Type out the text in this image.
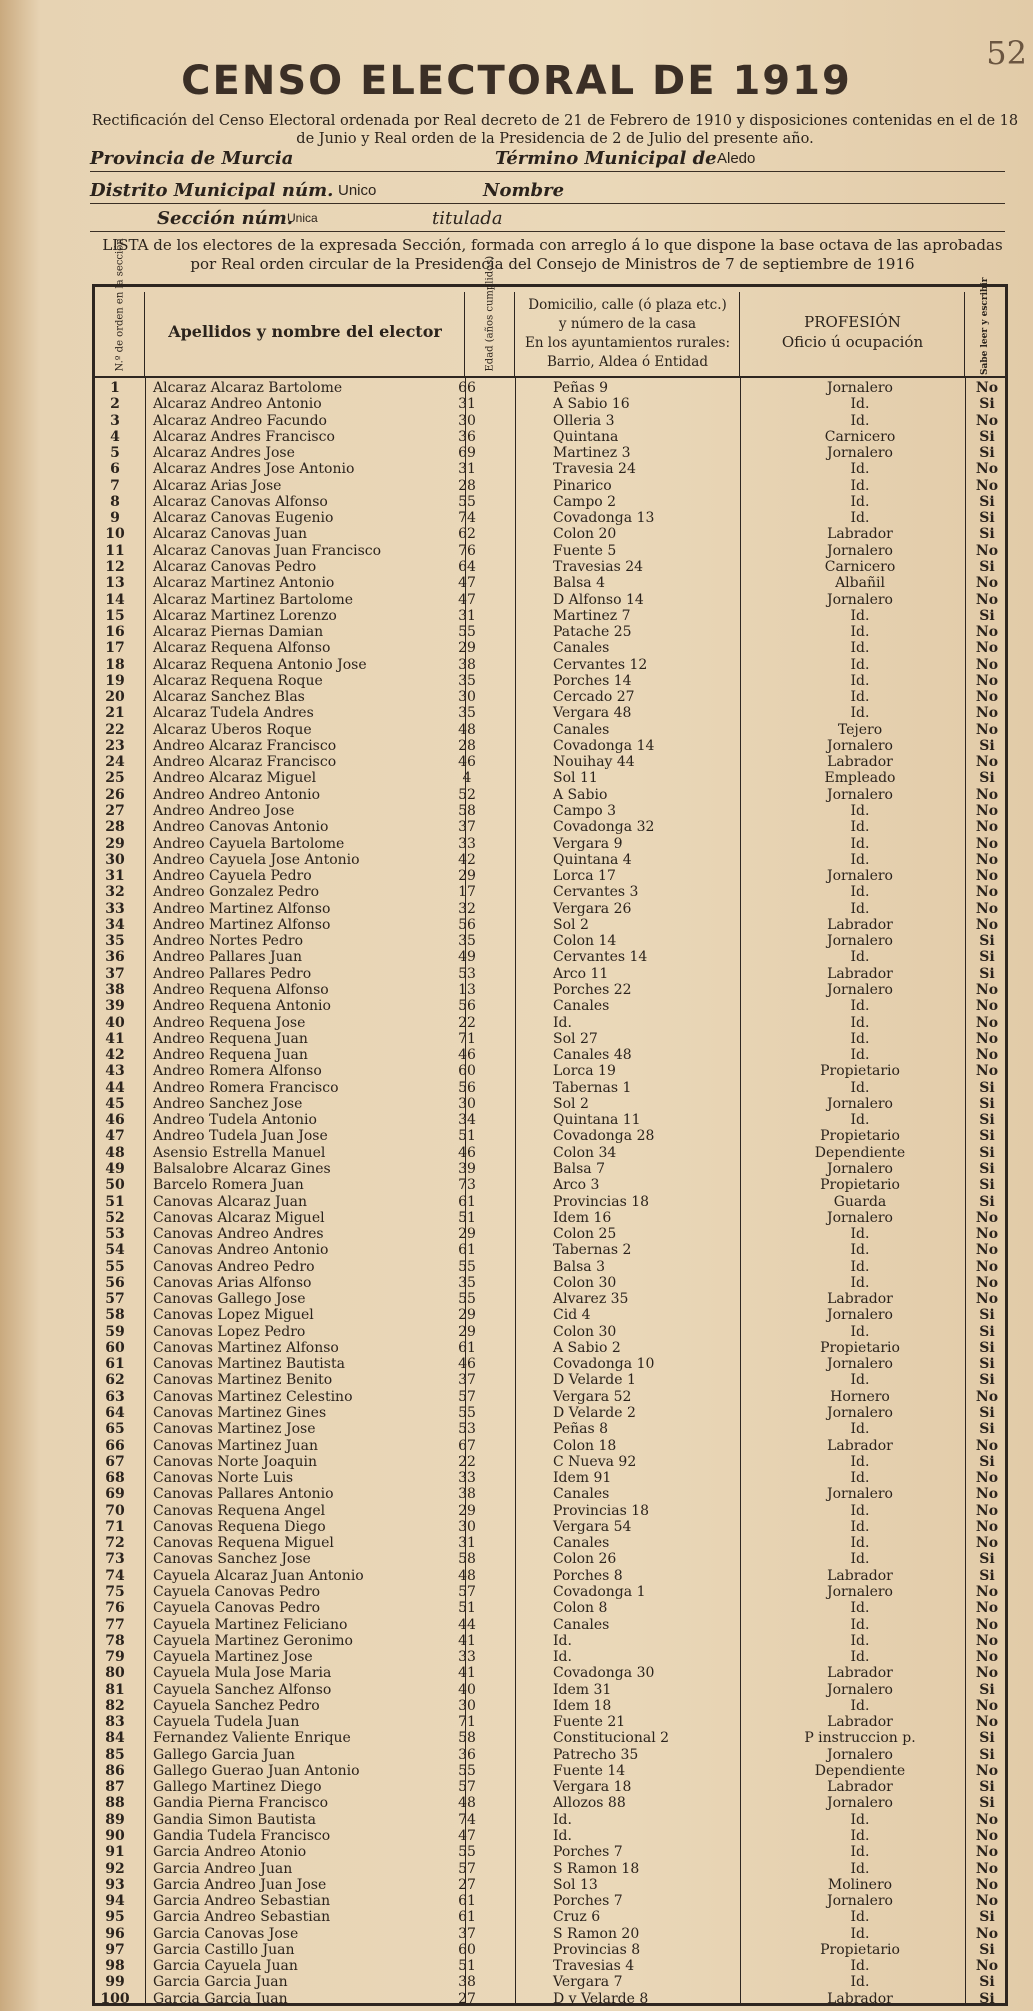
52
CENSO ELECTORAL DE 1919
Rectificación del Censo Electoral ordenada por Real decreto de 21 de Febrero de 1910 y disposiciones contenidas en el de 18 de Junio y Real orden de la Presidencia de 2 de Julio del presente año.
Provincia de Murcia	Término Municipal de Aledo
Distrito Municipal núm. Unico	Nombre
Sección núm.
Unica	titulada
LISTA de los electores de la expresada Sección, formada con arreglo á lo que dispone la base octava de las aprobadas por Real orden circular de la Presidencia del Consejo de Ministros de 7 de septiembre de 1916
N.º de orden en la sección	Apellidos y nombre del elector	Edad (años cumplidos)	Domicilio, calle (ó plaza etc.)
y número de la casa
En los ayuntamientos rurales:
Barrio, Aldea ó Entidad
PROFESIÓN
Oficio ú ocupación	Sabe leer y escribir
1	Alcaraz Alcaraz Bartolome	66	Peñas 9	Jornalero	No
2	Alcaraz Andreo Antonio	31	A Sabio 16	Id.	Si
3	Alcaraz Andreo Facundo	30	Olleria 3	Id.	No
4	Alcaraz Andres Francisco	36	Quintana	Carnicero	Si
5	Alcaraz Andres Jose	69	Martinez 3	Jornalero	Si
6	Alcaraz Andres Jose Antonio	31	Travesia 24	Id.	No
7	Alcaraz Arias Jose	28	Pinarico	Id.	No
8	Alcaraz Canovas Alfonso	55	Campo 2	Id.	Si
9	Alcaraz Canovas Eugenio	74	Covadonga 13	Id.	Si
10	Alcaraz Canovas Juan	62	Colon 20	Labrador	Si
11	Alcaraz Canovas Juan Francisco	76	Fuente 5	Jornalero	No
12	Alcaraz Canovas Pedro	64	Travesias 24	Carnicero	Si
13	Alcaraz Martinez Antonio	47	Balsa 4	Albañil	No
14	Alcaraz Martinez Bartolome	47	D Alfonso 14	Jornalero	No
15	Alcaraz Martinez Lorenzo	31	Martinez 7	Id.	Si
16	Alcaraz Piernas Damian	55	Patache 25	Id.	No
17	Alcaraz Requena Alfonso	29	Canales	Id.	No
18	Alcaraz Requena Antonio Jose	38	Cervantes 12	Id.	No
19	Alcaraz Requena Roque	35	Porches 14	Id.	No
20	Alcaraz Sanchez Blas	30	Cercado 27	Id.	No
21	Alcaraz Tudela Andres	35	Vergara 48	Id.	No
22	Alcaraz Uberos Roque	48	Canales	Tejero	No
23	Andreo Alcaraz Francisco	28	Covadonga 14	Jornalero	Si
24	Andreo Alcaraz Francisco	46	Nouihay 44	Labrador	No
25	Andreo Alcaraz Miguel	4	Sol 11	Empleado	Si
26	Andreo Andreo Antonio	52	A Sabio	Jornalero	No
27	Andreo Andreo Jose	58	Campo 3	Id.	No
28	Andreo Canovas Antonio	37	Covadonga 32	Id.	No
29	Andreo Cayuela Bartolome	33	Vergara 9	Id.	No
30	Andreo Cayuela Jose Antonio	42	Quintana 4	Id.	No
31	Andreo Cayuela Pedro	29	Lorca 17	Jornalero	No
32	Andreo Gonzalez Pedro	17	Cervantes 3	Id.	No
33	Andreo Martinez Alfonso	32	Vergara 26	Id.	No
34	Andreo Martinez Alfonso	56	Sol 2	Labrador	No
35	Andreo Nortes Pedro	35	Colon 14	Jornalero	Si
36	Andreo Pallares Juan	49	Cervantes 14	Id.	Si
37	Andreo Pallares Pedro	53	Arco 11	Labrador	Si
38	Andreo Requena Alfonso	13	Porches 22	Jornalero	No
39	Andreo Requena Antonio	56	Canales	Id.	No
40	Andreo Requena Jose	22	Id.	Id.	No
41	Andreo Requena Juan	71	Sol 27	Id.	No
42	Andreo Requena Juan	46	Canales 48	Id.	No
43	Andreo Romera Alfonso	60	Lorca 19	Propietario	No
44	Andreo Romera Francisco	56	Tabernas 1	Id.	Si
45	Andreo Sanchez Jose	30	Sol 2	Jornalero	Si
46	Andreo Tudela Antonio	34	Quintana 11	Id.	Si
47	Andreo Tudela Juan Jose	51	Covadonga 28	Propietario	Si
48	Asensio Estrella Manuel	46	Colon 34	Dependiente	Si
49	Balsalobre Alcaraz Gines	39	Balsa 7	Jornalero	Si
50	Barcelo Romera Juan	73	Arco 3	Propietario	Si
51	Canovas Alcaraz Juan	61	Provincias 18	Guarda	Si
52	Canovas Alcaraz Miguel	51	Idem 16	Jornalero	No
53	Canovas Andreo Andres	29	Colon 25	Id.	No
54	Canovas Andreo Antonio	61	Tabernas 2	Id.	No
55	Canovas Andreo Pedro	55	Balsa 3	Id.	No
56	Canovas Arias Alfonso	35	Colon 30	Id.	No
57	Canovas Gallego Jose	55	Alvarez 35	Labrador	No
58	Canovas Lopez Miguel	29	Cid 4	Jornalero	Si
59	Canovas Lopez Pedro	29	Colon 30	Id.	Si
60	Canovas Martinez Alfonso	61	A Sabio 2	Propietario	Si
61	Canovas Martinez Bautista	46	Covadonga 10	Jornalero	Si
62	Canovas Martinez Benito	37	D Velarde 1	Id.	Si
63	Canovas Martinez Celestino	57	Vergara 52	Hornero	No
64	Canovas Martinez Gines	55	D Velarde 2	Jornalero	Si
65	Canovas Martinez Jose	53	Peñas 8	Id.	Si
66	Canovas Martinez Juan	67	Colon 18	Labrador	No
67	Canovas Norte Joaquin	22	C Nueva 92	Id.	Si
68	Canovas Norte Luis	33	Idem 91	Id.	No
69	Canovas Pallares Antonio	38	Canales	Jornalero	No
70	Canovas Requena Angel	29	Provincias 18	Id.	No
71	Canovas Requena Diego	30	Vergara 54	Id.	No
72	Canovas Requena Miguel	31	Canales	Id.	No
73	Canovas Sanchez Jose	58	Colon 26	Id.	Si
74	Cayuela Alcaraz Juan Antonio	48	Porches 8	Labrador	Si
75	Cayuela Canovas Pedro	57	Covadonga 1	Jornalero	No
76	Cayuela Canovas Pedro	51	Colon 8	Id.	No
77	Cayuela Martinez Feliciano	44	Canales	Id.	No
78	Cayuela Martinez Geronimo	41	Id.	Id.	No
79	Cayuela Martinez Jose	33	Id.	Id.	No
80	Cayuela Mula Jose Maria	41	Covadonga 30	Labrador	No
81	Cayuela Sanchez Alfonso	40	Idem 31	Jornalero	Si
82	Cayuela Sanchez Pedro	30	Idem 18	Id.	No
83	Cayuela Tudela Juan	71	Fuente 21	Labrador	No
84	Fernandez Valiente Enrique	58	Constitucional 2	P instruccion p.	Si
85	Gallego Garcia Juan	36	Patrecho 35	Jornalero	Si
86	Gallego Guerao Juan Antonio	55	Fuente 14	Dependiente	No
87	Gallego Martinez Diego	57	Vergara 18	Labrador	Si
88	Gandia Pierna Francisco	48	Allozos 88	Jornalero	Si
89	Gandia Simon Bautista	74	Id.	Id.	No
90	Gandia Tudela Francisco	47	Id.	Id.	No
91	Garcia Andreo Atonio	55	Porches 7	Id.	No
92	Garcia Andreo Juan	57	S Ramon 18	Id.	No
93	Garcia Andreo Juan Jose	27	Sol 13	Molinero	No
94	Garcia Andreo Sebastian	61	Porches 7	Jornalero	No
95	Garcia Andreo Sebastian	61	Cruz 6	Id.	Si
96	Garcia Canovas Jose	37	S Ramon 20	Id.	No
97	Garcia Castillo Juan	60	Provincias 8	Propietario	Si
98	Garcia Cayuela Juan	51	Travesias 4	Id.	No
99	Garcia Garcia Juan	38	Vergara 7	Id.	Si
100	Garcia Garcia Juan	27	D y Velarde 8	Labrador	Si
